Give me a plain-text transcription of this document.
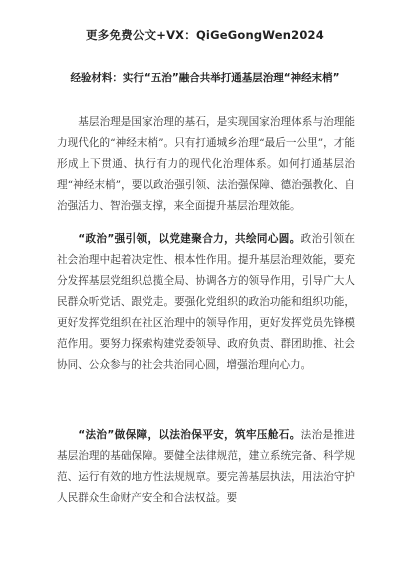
更多免费公文+VX：QiGeGongWen2024
经验材料：实行“五治”融合共举打通基层治理“神经末梢”

基层治理是国家治理的基石，是实现国家治理体系与治理能力现代化的“神经末梢”。只有打通城乡治理“最后一公里”，才能形成上下贯通、执行有力的现代化治理体系。如何打通基层治理“神经末梢”，要以政治强引领、法治强保障、德治强教化、自治强活力、智治强支撑，来全面提升基层治理效能。

“政治”强引领，以党建聚合力，共绘同心圆。政治引领在社会治理中起着决定性、根本性作用。提升基层治理效能，要充分发挥基层党组织总揽全局、协调各方的领导作用，引导广大人民群众听党话、跟党走。要强化党组织的政治功能和组织功能，更好发挥党组织在社区治理中的领导作用，更好发挥党员先锋模范作用。要努力探索构建党委领导、政府负责、群团助推、社会协同、公众参与的社会共治同心圆，增强治理向心力。

“法治”做保障，以法治保平安，筑牢压舱石。法治是推进基层治理的基础保障。要健全法律规范，建立系统完备、科学规范、运行有效的地方性法规规章。要完善基层执法，用法治守护人民群众生命财产安全和合法权益。要
